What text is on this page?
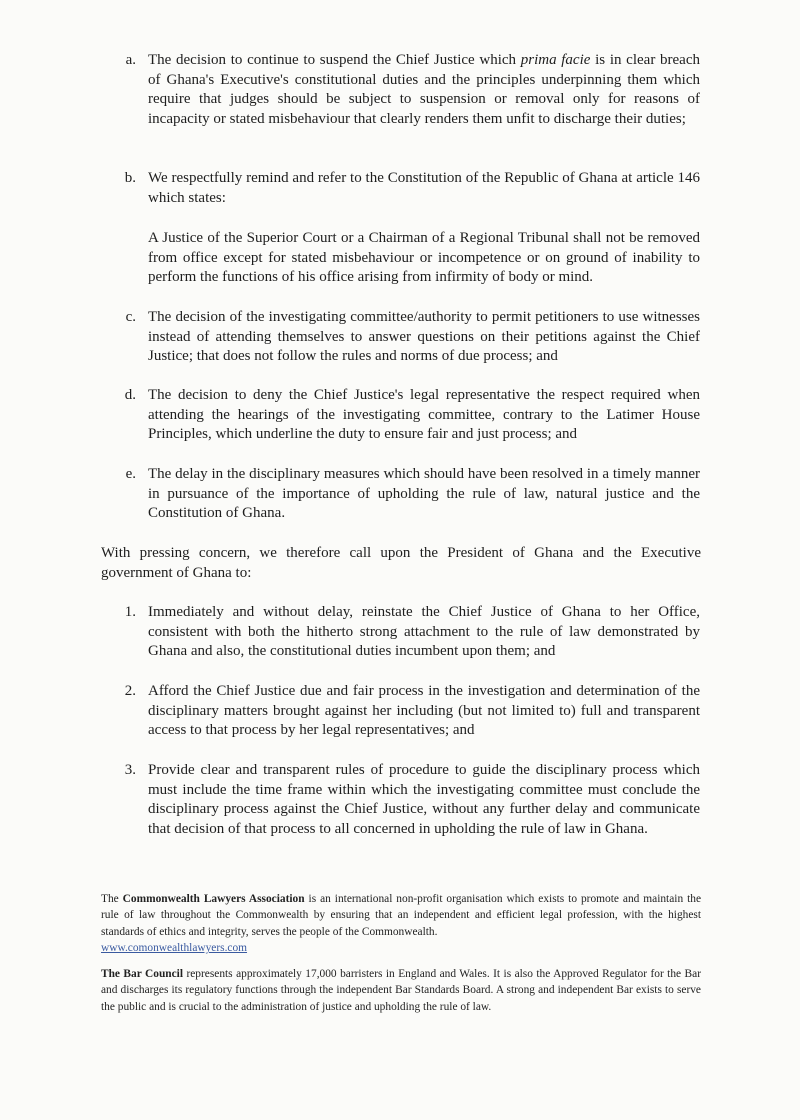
a. The decision to continue to suspend the Chief Justice which prima facie is in clear breach of Ghana's Executive's constitutional duties and the principles underpinning them which require that judges should be subject to suspension or removal only for reasons of incapacity or stated misbehaviour that clearly renders them unfit to discharge their duties;
b. We respectfully remind and refer to the Constitution of the Republic of Ghana at article 146 which states:
A Justice of the Superior Court or a Chairman of a Regional Tribunal shall not be removed from office except for stated misbehaviour or incompetence or on ground of inability to perform the functions of his office arising from infirmity of body or mind.
c. The decision of the investigating committee/authority to permit petitioners to use witnesses instead of attending themselves to answer questions on their petitions against the Chief Justice; that does not follow the rules and norms of due process; and
d. The decision to deny the Chief Justice's legal representative the respect required when attending the hearings of the investigating committee, contrary to the Latimer House Principles, which underline the duty to ensure fair and just process; and
e. The delay in the disciplinary measures which should have been resolved in a timely manner in pursuance of the importance of upholding the rule of law, natural justice and the Constitution of Ghana.
With pressing concern, we therefore call upon the President of Ghana and the Executive government of Ghana to:
1. Immediately and without delay, reinstate the Chief Justice of Ghana to her Office, consistent with both the hitherto strong attachment to the rule of law demonstrated by Ghana and also, the constitutional duties incumbent upon them; and
2. Afford the Chief Justice due and fair process in the investigation and determination of the disciplinary matters brought against her including (but not limited to) full and transparent access to that process by her legal representatives; and
3. Provide clear and transparent rules of procedure to guide the disciplinary process which must include the time frame within which the investigating committee must conclude the disciplinary process against the Chief Justice, without any further delay and communicate that decision of that process to all concerned in upholding the rule of law in Ghana.
The Commonwealth Lawyers Association is an international non-profit organisation which exists to promote and maintain the rule of law throughout the Commonwealth by ensuring that an independent and efficient legal profession, with the highest standards of ethics and integrity, serves the people of the Commonwealth.
www.comonwealthlawyers.com
The Bar Council represents approximately 17,000 barristers in England and Wales. It is also the Approved Regulator for the Bar and discharges its regulatory functions through the independent Bar Standards Board. A strong and independent Bar exists to serve the public and is crucial to the administration of justice and upholding the rule of law.
